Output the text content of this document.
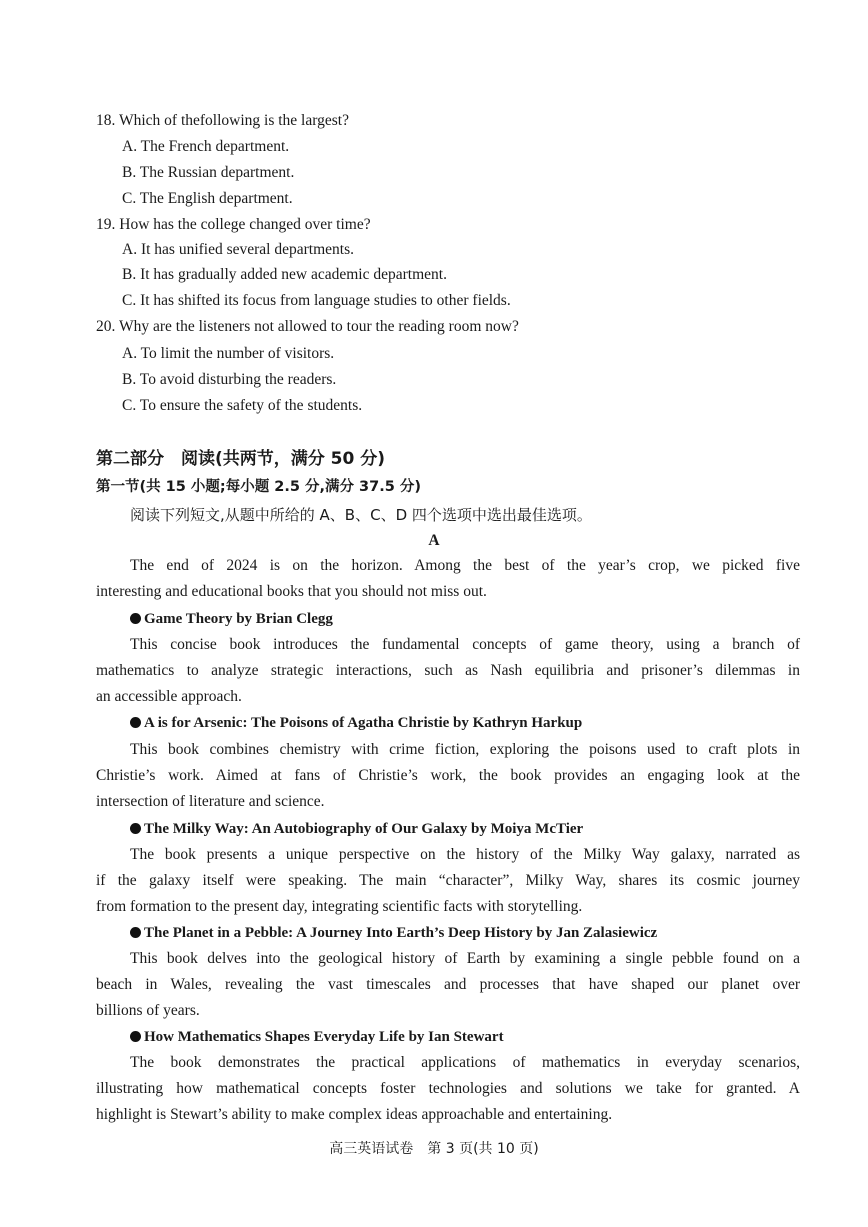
18. Which of thefollowing is the largest?
A. The French department.
B. The Russian department.
C. The English department.
19. How has the college changed over time?
A. It has unified several departments.
B. It has gradually added new academic department.
C. It has shifted its focus from language studies to other fields.
20. Why are the listeners not allowed to tour the reading room now?
A. To limit the number of visitors.
B. To avoid disturbing the readers.
C. To ensure the safety of the students.
第二部分　阅读(共两节，满分 50 分)
第一节(共 15 小题;每小题 2.5 分,满分 37.5 分)
阅读下列短文,从题中所给的 A、B、C、D 四个选项中选出最佳选项。
A
The end of 2024 is on the horizon. Among the best of the year’s crop, we picked five
interesting and educational books that you should not miss out.
Game Theory by Brian Clegg
This concise book introduces the fundamental concepts of game theory, using a branch of
mathematics to analyze strategic interactions, such as Nash equilibria and prisoner’s dilemmas in
an accessible approach.
A is for Arsenic: The Poisons of Agatha Christie by Kathryn Harkup
This book combines chemistry with crime fiction, exploring the poisons used to craft plots in
Christie’s work. Aimed at fans of Christie’s work, the book provides an engaging look at the
intersection of literature and science.
The Milky Way: An Autobiography of Our Galaxy by Moiya McTier
The book presents a unique perspective on the history of the Milky Way galaxy, narrated as
if the galaxy itself were speaking. The main “character”, Milky Way, shares its cosmic journey
from formation to the present day, integrating scientific facts with storytelling.
The Planet in a Pebble: A Journey Into Earth’s Deep History by Jan Zalasiewicz
This book delves into the geological history of Earth by examining a single pebble found on a
beach in Wales, revealing the vast timescales and processes that have shaped our planet over
billions of years.
How Mathematics Shapes Everyday Life by Ian Stewart
The book demonstrates the practical applications of mathematics in everyday scenarios,
illustrating how mathematical concepts foster technologies and solutions we take for granted. A
highlight is Stewart’s ability to make complex ideas approachable and entertaining.
高三英语试卷　第 3 页(共 10 页)
